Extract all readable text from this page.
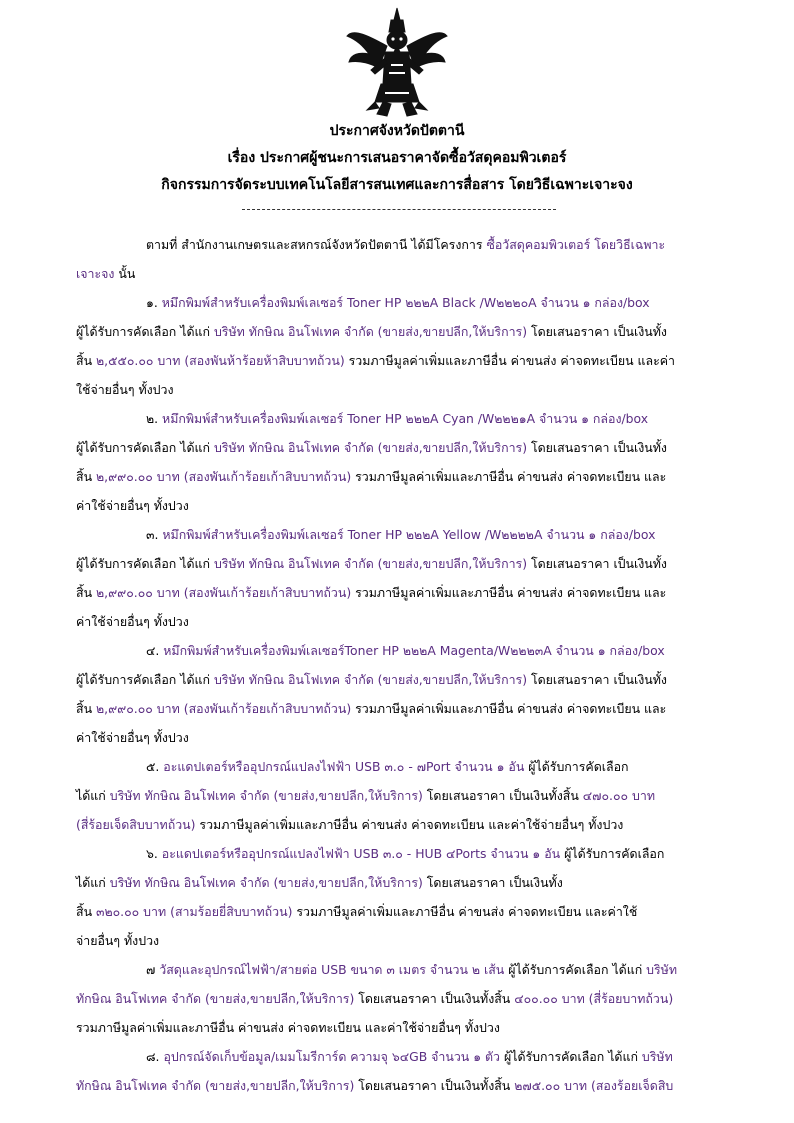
ประกาศจังหวัดปัตตานี
เรื่อง ประกาศผู้ชนะการเสนอราคาจัดซื้อวัสดุคอมพิวเตอร์
กิจกรรมการจัดระบบเทคโนโลยีสารสนเทศและการสื่อสาร โดยวิธีเฉพาะเจาะจง
ตามที่ สำนักงานเกษตรและสหกรณ์จังหวัดปัตตานี ได้มีโครงการ ซื้อวัสดุคอมพิวเตอร์ โดยวิธีเฉพาะ
เจาะจง นั้น
๑. หมึกพิมพ์สำหรับเครื่องพิมพ์เลเซอร์ Toner HP ๒๒๒A Black /W๒๒๒๐A จำนวน ๑ กล่อง/box
ผู้ได้รับการคัดเลือก ได้แก่ บริษัท ทักษิณ อินโฟเทค จำกัด (ขายส่ง,ขายปลีก,ให้บริการ) โดยเสนอราคา เป็นเงินทั้ง
สิ้น ๒,๕๕๐.๐๐ บาท (สองพันห้าร้อยห้าสิบบาทถ้วน) รวมภาษีมูลค่าเพิ่มและภาษีอื่น ค่าขนส่ง ค่าจดทะเบียน และค่า
ใช้จ่ายอื่นๆ ทั้งปวง
๒. หมึกพิมพ์สำหรับเครื่องพิมพ์เลเซอร์ Toner HP ๒๒๒A Cyan /W๒๒๒๑A จำนวน ๑ กล่อง/box
ผู้ได้รับการคัดเลือก ได้แก่ บริษัท ทักษิณ อินโฟเทค จำกัด (ขายส่ง,ขายปลีก,ให้บริการ) โดยเสนอราคา เป็นเงินทั้ง
สิ้น ๒,๙๙๐.๐๐ บาท (สองพันเก้าร้อยเก้าสิบบาทถ้วน) รวมภาษีมูลค่าเพิ่มและภาษีอื่น ค่าขนส่ง ค่าจดทะเบียน และ
ค่าใช้จ่ายอื่นๆ ทั้งปวง
๓. หมึกพิมพ์สำหรับเครื่องพิมพ์เลเซอร์ Toner HP ๒๒๒A Yellow /W๒๒๒๒A จำนวน ๑ กล่อง/box
ผู้ได้รับการคัดเลือก ได้แก่ บริษัท ทักษิณ อินโฟเทค จำกัด (ขายส่ง,ขายปลีก,ให้บริการ) โดยเสนอราคา เป็นเงินทั้ง
สิ้น ๒,๙๙๐.๐๐ บาท (สองพันเก้าร้อยเก้าสิบบาทถ้วน) รวมภาษีมูลค่าเพิ่มและภาษีอื่น ค่าขนส่ง ค่าจดทะเบียน และ
ค่าใช้จ่ายอื่นๆ ทั้งปวง
๔. หมึกพิมพ์สำหรับเครื่องพิมพ์เลเซอร์Toner HP ๒๒๒A Magenta/W๒๒๒๓A จำนวน ๑ กล่อง/box
ผู้ได้รับการคัดเลือก ได้แก่ บริษัท ทักษิณ อินโฟเทค จำกัด (ขายส่ง,ขายปลีก,ให้บริการ) โดยเสนอราคา เป็นเงินทั้ง
สิ้น ๒,๙๙๐.๐๐ บาท (สองพันเก้าร้อยเก้าสิบบาทถ้วน) รวมภาษีมูลค่าเพิ่มและภาษีอื่น ค่าขนส่ง ค่าจดทะเบียน และ
ค่าใช้จ่ายอื่นๆ ทั้งปวง
๕. อะแดปเตอร์หรืออุปกรณ์แปลงไฟฟ้า USB ๓.๐ - ๗Port จำนวน ๑ อัน ผู้ได้รับการคัดเลือก
ได้แก่ บริษัท ทักษิณ อินโฟเทค จำกัด (ขายส่ง,ขายปลีก,ให้บริการ) โดยเสนอราคา เป็นเงินทั้งสิ้น ๔๗๐.๐๐ บาท
(สี่ร้อยเจ็ดสิบบาทถ้วน) รวมภาษีมูลค่าเพิ่มและภาษีอื่น ค่าขนส่ง ค่าจดทะเบียน และค่าใช้จ่ายอื่นๆ ทั้งปวง
๖. อะแดปเตอร์หรืออุปกรณ์แปลงไฟฟ้า USB ๓.๐ - HUB ๔Ports จำนวน ๑ อัน ผู้ได้รับการคัดเลือก
ได้แก่ บริษัท ทักษิณ อินโฟเทค จำกัด (ขายส่ง,ขายปลีก,ให้บริการ) โดยเสนอราคา เป็นเงินทั้ง
สิ้น ๓๒๐.๐๐ บาท (สามร้อยยี่สิบบาทถ้วน) รวมภาษีมูลค่าเพิ่มและภาษีอื่น ค่าขนส่ง ค่าจดทะเบียน และค่าใช้
จ่ายอื่นๆ ทั้งปวง
๗ วัสดุและอุปกรณ์ไฟฟ้า/สายต่อ USB ขนาด ๓ เมตร จำนวน ๒ เส้น ผู้ได้รับการคัดเลือก ได้แก่ บริษัท
ทักษิณ อินโฟเทค จำกัด (ขายส่ง,ขายปลีก,ให้บริการ) โดยเสนอราคา เป็นเงินทั้งสิ้น ๔๐๐.๐๐ บาท (สี่ร้อยบาทถ้วน)
รวมภาษีมูลค่าเพิ่มและภาษีอื่น ค่าขนส่ง ค่าจดทะเบียน และค่าใช้จ่ายอื่นๆ ทั้งปวง
๘. อุปกรณ์จัดเก็บข้อมูล/เมมโมรีการ์ด ความจุ ๖๔GB จำนวน ๑ ตัว ผู้ได้รับการคัดเลือก ได้แก่ บริษัท
ทักษิณ อินโฟเทค จำกัด (ขายส่ง,ขายปลีก,ให้บริการ) โดยเสนอราคา เป็นเงินทั้งสิ้น ๒๗๕.๐๐ บาท (สองร้อยเจ็ดสิบ
